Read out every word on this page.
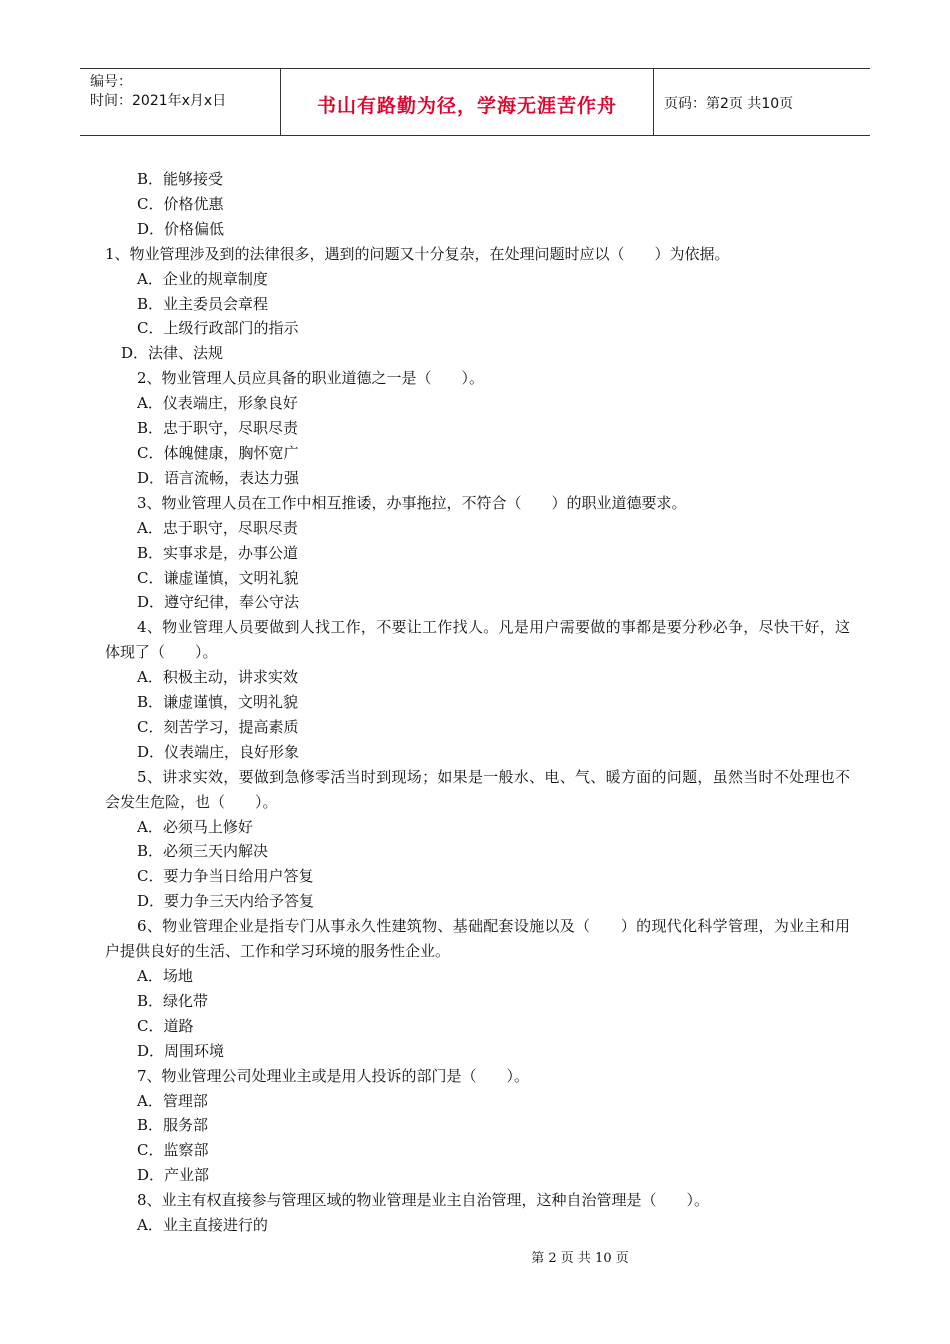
编号：
时间：2021年x月x日	书山有路勤为径，学海无涯苦作舟	页码：第2页 共10页
B．能够接受
C．价格优惠
D．价格偏低
1、物业管理涉及到的法律很多，遇到的问题又十分复杂，在处理问题时应以（　　）为依据。
A．企业的规章制度
B．业主委员会章程
C．上级行政部门的指示
D．法律、法规
2、物业管理人员应具备的职业道德之一是（　　）。
A．仪表端庄，形象良好
B．忠于职守，尽职尽责
C．体魄健康，胸怀宽广
D．语言流畅，表达力强
3、物业管理人员在工作中相互推诿，办事拖拉，不符合（　　）的职业道德要求。
A．忠于职守，尽职尽责
B．实事求是，办事公道
C．谦虚谨慎，文明礼貌
D．遵守纪律，奉公守法
4、物业管理人员要做到人找工作，不要让工作找人。凡是用户需要做的事都是要分秒必争，尽快干好，这体现了（　　）。
A．积极主动，讲求实效
B．谦虚谨慎，文明礼貌
C．刻苦学习，提高素质
D．仪表端庄，良好形象
5、讲求实效，要做到急修零活当时到现场；如果是一般水、电、气、暖方面的问题，虽然当时不处理也不会发生危险，也（　　）。
A．必须马上修好
B．必须三天内解决
C．要力争当日给用户答复
D．要力争三天内给予答复
6、物业管理企业是指专门从事永久性建筑物、基础配套设施以及（　　）的现代化科学管理，为业主和用户提供良好的生活、工作和学习环境的服务性企业。
A．场地
B．绿化带
C．道路
D．周围环境
7、物业管理公司处理业主或是用人投诉的部门是（　　）。
A．管理部
B．服务部
C．监察部
D．产业部
8、业主有权直接参与管理区域的物业管理是业主自治管理，这种自治管理是（　　）。
A．业主直接进行的
第 2 页 共 10 页
